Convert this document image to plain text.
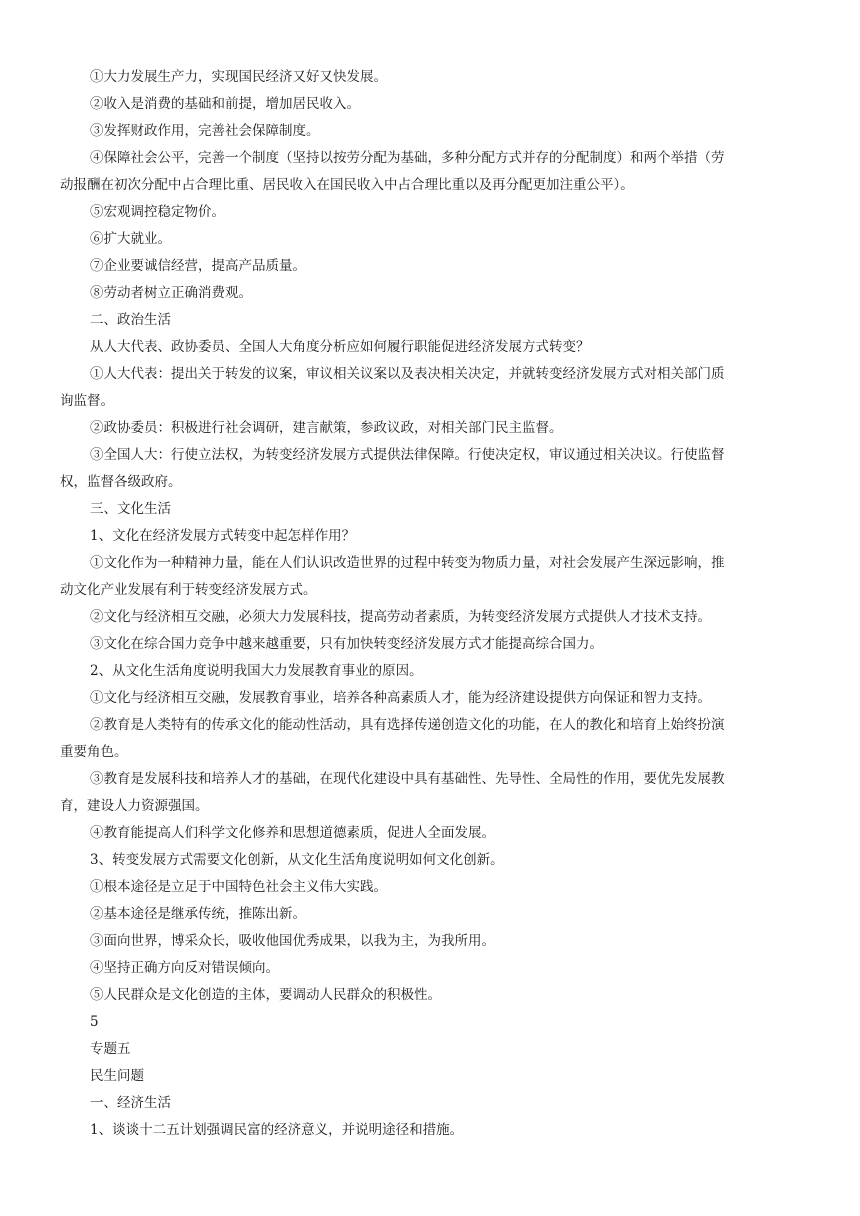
①大力发展生产力，实现国民经济又好又快发展。
②收入是消费的基础和前提，增加居民收入。
③发挥财政作用，完善社会保障制度。
④保障社会公平，完善一个制度（坚持以按劳分配为基础，多种分配方式并存的分配制度）和两个举措（劳
动报酬在初次分配中占合理比重、居民收入在国民收入中占合理比重以及再分配更加注重公平）。
⑤宏观调控稳定物价。
⑥扩大就业。
⑦企业要诚信经营，提高产品质量。
⑧劳动者树立正确消费观。
二、政治生活
从人大代表、政协委员、全国人大角度分析应如何履行职能促进经济发展方式转变？
①人大代表：提出关于转发的议案，审议相关议案以及表决相关决定，并就转变经济发展方式对相关部门质
询监督。
②政协委员：积极进行社会调研，建言献策，参政议政，对相关部门民主监督。
③全国人大：行使立法权，为转变经济发展方式提供法律保障。行使决定权，审议通过相关决议。行使监督
权，监督各级政府。
三、文化生活
1、文化在经济发展方式转变中起怎样作用？
①文化作为一种精神力量，能在人们认识改造世界的过程中转变为物质力量，对社会发展产生深远影响，推
动文化产业发展有利于转变经济发展方式。
②文化与经济相互交融，必须大力发展科技，提高劳动者素质，为转变经济发展方式提供人才技术支持。
③文化在综合国力竞争中越来越重要，只有加快转变经济发展方式才能提高综合国力。
2、从文化生活角度说明我国大力发展教育事业的原因。
①文化与经济相互交融，发展教育事业，培养各种高素质人才，能为经济建设提供方向保证和智力支持。
②教育是人类特有的传承文化的能动性活动，具有选择传递创造文化的功能，在人的教化和培育上始终扮演
重要角色。
③教育是发展科技和培养人才的基础，在现代化建设中具有基础性、先导性、全局性的作用，要优先发展教
育，建设人力资源强国。
④教育能提高人们科学文化修养和思想道德素质，促进人全面发展。
3、转变发展方式需要文化创新，从文化生活角度说明如何文化创新。
①根本途径是立足于中国特色社会主义伟大实践。
②基本途径是继承传统，推陈出新。
③面向世界，博采众长，吸收他国优秀成果，以我为主，为我所用。
④坚持正确方向反对错误倾向。
⑤人民群众是文化创造的主体，要调动人民群众的积极性。
5
专题五
民生问题
一、经济生活
1、谈谈十二五计划强调民富的经济意义，并说明途径和措施。
